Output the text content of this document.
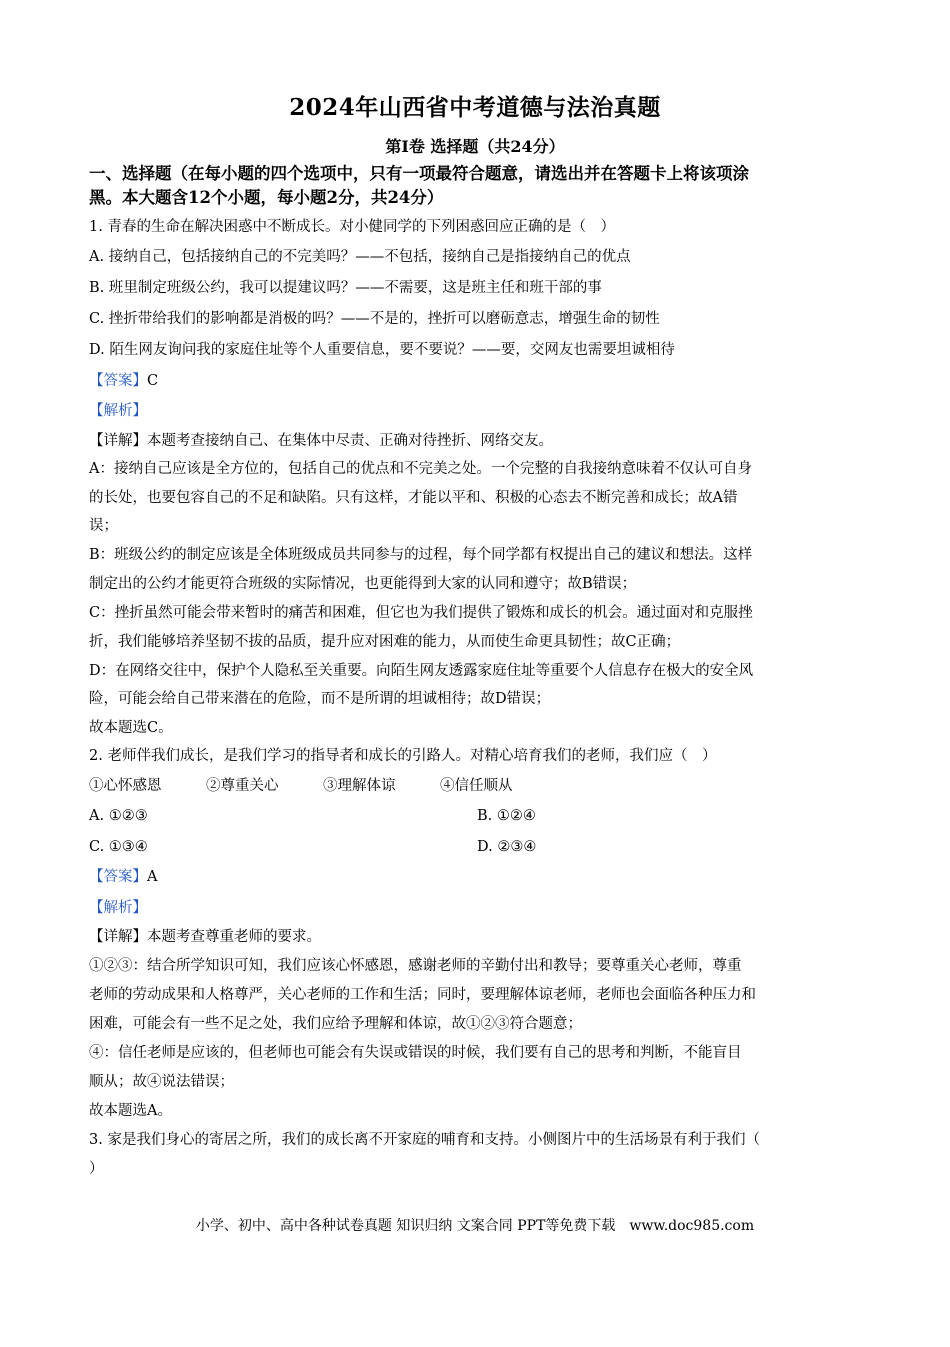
2024年山西省中考道德与法治真题
第Ⅰ卷 选择题（共24分）
一、选择题（在每小题的四个选项中，只有一项最符合题意，请选出并在答题卡上将该项涂
黑。本大题含12个小题，每小题2分，共24分）
1. 青春的生命在解决困惑中不断成长。对小健同学的下列困惑回应正确的是（　）
A. 接纳自己，包括接纳自己的不完美吗？——不包括，接纳自己是指接纳自己的优点
B. 班里制定班级公约，我可以提建议吗？——不需要，这是班主任和班干部的事
C. 挫折带给我们的影响都是消极的吗？——不是的，挫折可以磨砺意志，增强生命的韧性
D. 陌生网友询问我的家庭住址等个人重要信息，要不要说？——要，交网友也需要坦诚相待
【答案】C
【解析】
【详解】本题考查接纳自己、在集体中尽责、正确对待挫折、网络交友。
A：接纳自己应该是全方位的，包括自己的优点和不完美之处。一个完整的自我接纳意味着不仅认可自身
的长处，也要包容自己的不足和缺陷。只有这样，才能以平和、积极的心态去不断完善和成长；故A错
误；
B：班级公约的制定应该是全体班级成员共同参与的过程，每个同学都有权提出自己的建议和想法。这样
制定出的公约才能更符合班级的实际情况，也更能得到大家的认同和遵守；故B错误；
C：挫折虽然可能会带来暂时的痛苦和困难，但它也为我们提供了锻炼和成长的机会。通过面对和克服挫
折，我们能够培养坚韧不拔的品质，提升应对困难的能力，从而使生命更具韧性；故C正确；
D：在网络交往中，保护个人隐私至关重要。向陌生网友透露家庭住址等重要个人信息存在极大的安全风
险，可能会给自己带来潜在的危险，而不是所谓的坦诚相待；故D错误；
故本题选C。
2. 老师伴我们成长，是我们学习的指导者和成长的引路人。对精心培育我们的老师，我们应（　）
①心怀感恩	②尊重关心	③理解体谅	④信任顺从
A. ①②③	B. ①②④
C. ①③④	D. ②③④
【答案】A
【解析】
【详解】本题考查尊重老师的要求。
①②③：结合所学知识可知，我们应该心怀感恩，感谢老师的辛勤付出和教导；要尊重关心老师，尊重
老师的劳动成果和人格尊严，关心老师的工作和生活；同时，要理解体谅老师，老师也会面临各种压力和
困难，可能会有一些不足之处，我们应给予理解和体谅，故①②③符合题意；
④：信任老师是应该的，但老师也可能会有失误或错误的时候，我们要有自己的思考和判断，不能盲目
顺从；故④说法错误；
故本题选A。
3. 家是我们身心的寄居之所，我们的成长离不开家庭的哺育和支持。小侧图片中的生活场景有利于我们（
）
小学、初中、高中各种试卷真题 知识归纳 文案合同 PPT等免费下载　www.doc985.com
